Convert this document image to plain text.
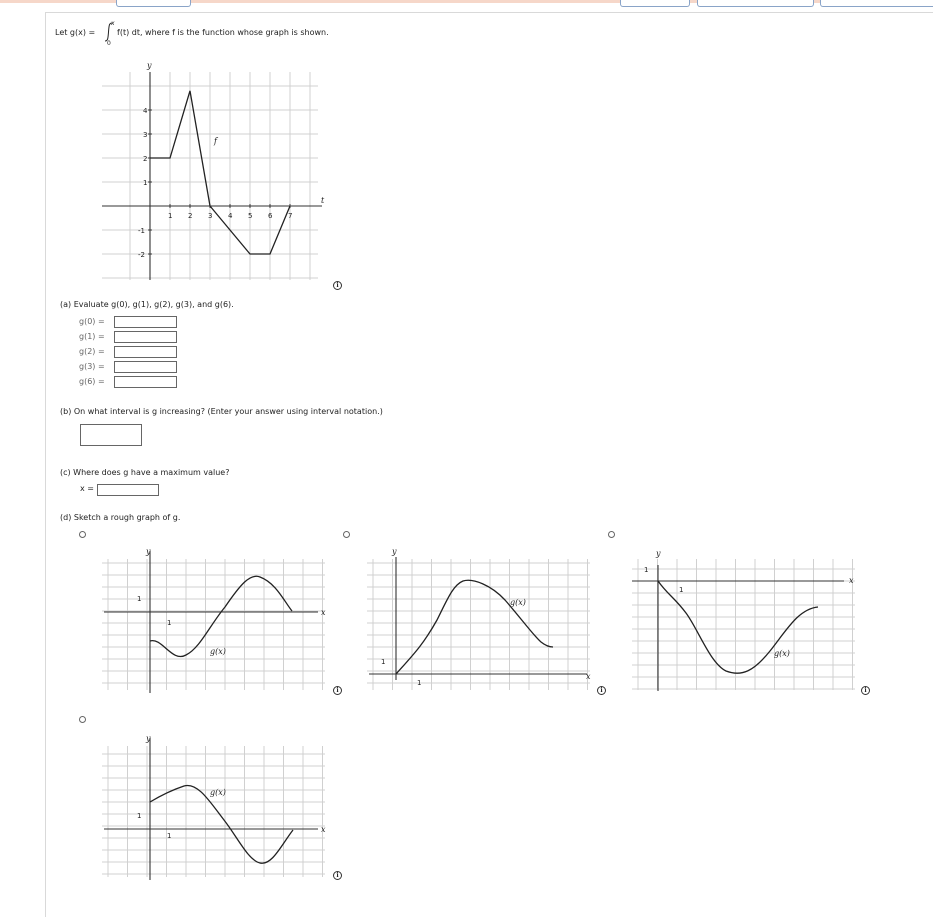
Let g(x) =
x
0
f(t) dt, where f is the function whose graph is shown.
1 2 3 4 5 6 7
4
3
2
1
-1
-2
y
t
f
i
(a) Evaluate g(0), g(1), g(2), g(3), and g(6).
g(0) =
g(1) =
g(2) =
g(3) =
g(6) =
(b) On what interval is g increasing? (Enter your answer using interval notation.)
(c) Where does g have a maximum value?
x =
(d) Sketch a rough graph of g.
y
x
1
1
g(x)
y
x
1
1
g(x)
y
x
1
1
g(x)
y
x
1
1
g(x)
i	i	i
i
